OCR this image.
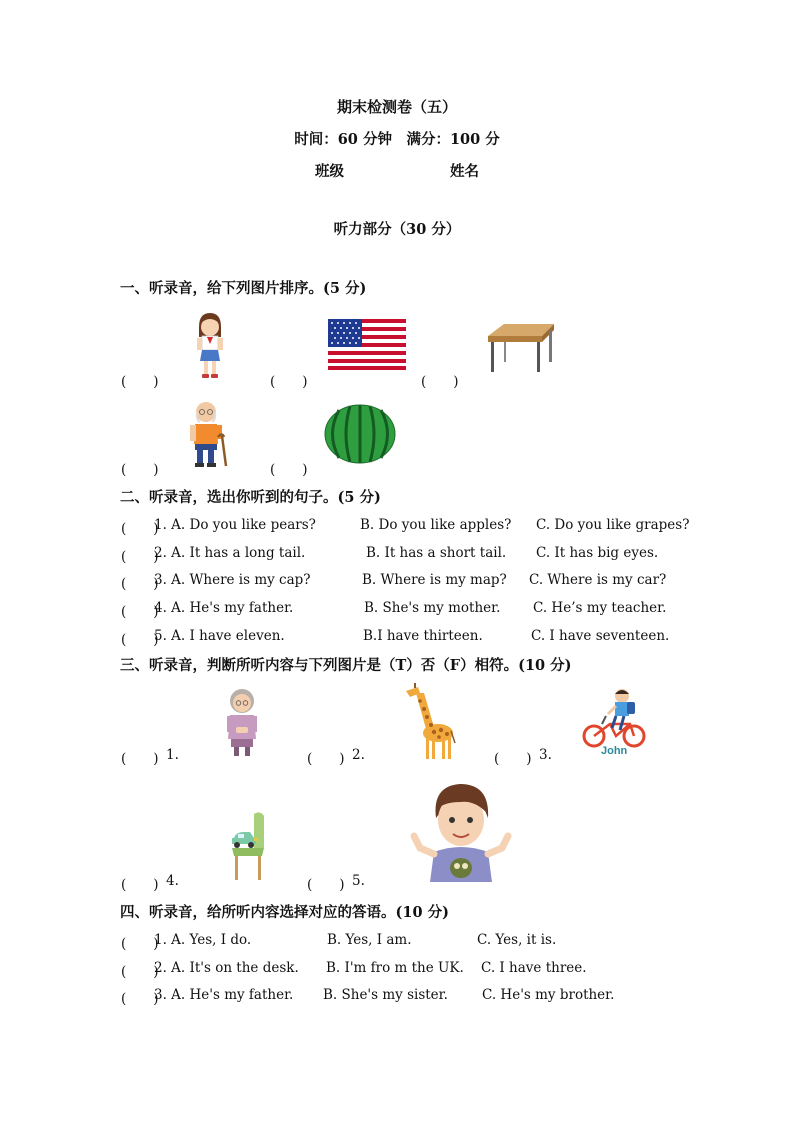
期末检测卷（五）
时间：60 分钟　满分：100 分
班级	姓名
听力部分（30 分）
一、听录音，给下列图片排序。(5 分)
(　　)	(　　)	(　　)
(　　)	(　　)
二、听录音，选出你听到的句子。(5 分)
(　　)
1. A. Do you like pears?	B. Do you like apples? C. Do you like grapes?
(　　)
2. A. It has a long tail.	B. It has a short tail. C. It has big eyes.
(　　)
3. A. Where is my cap?	B. Where is my map? C. Where is my car?
(　　)
4. A. He's my father.	B. She's my mother. C. He’s my teacher.
(　　)
5. A. I have eleven.	B.I have thirteen.	C. I have seventeen.
三、听录音，判断所听内容与下列图片是（T）否（F）相符。(10 分)
(　　) 1.	(　　) 2.	(　　) 3.
(　　) 4.	(　　) 5.
John
四、听录音，给所听内容选择对应的答语。(10 分)
(　　)
1. A. Yes, I do.	B. Yes, I am.	C. Yes, it is.
(　　)
2. A. It's on the desk. B. I'm fro m the UK. C. I have three.
(　　)
3. A. He's my father. B. She's my sister.	C. He's my brother.
